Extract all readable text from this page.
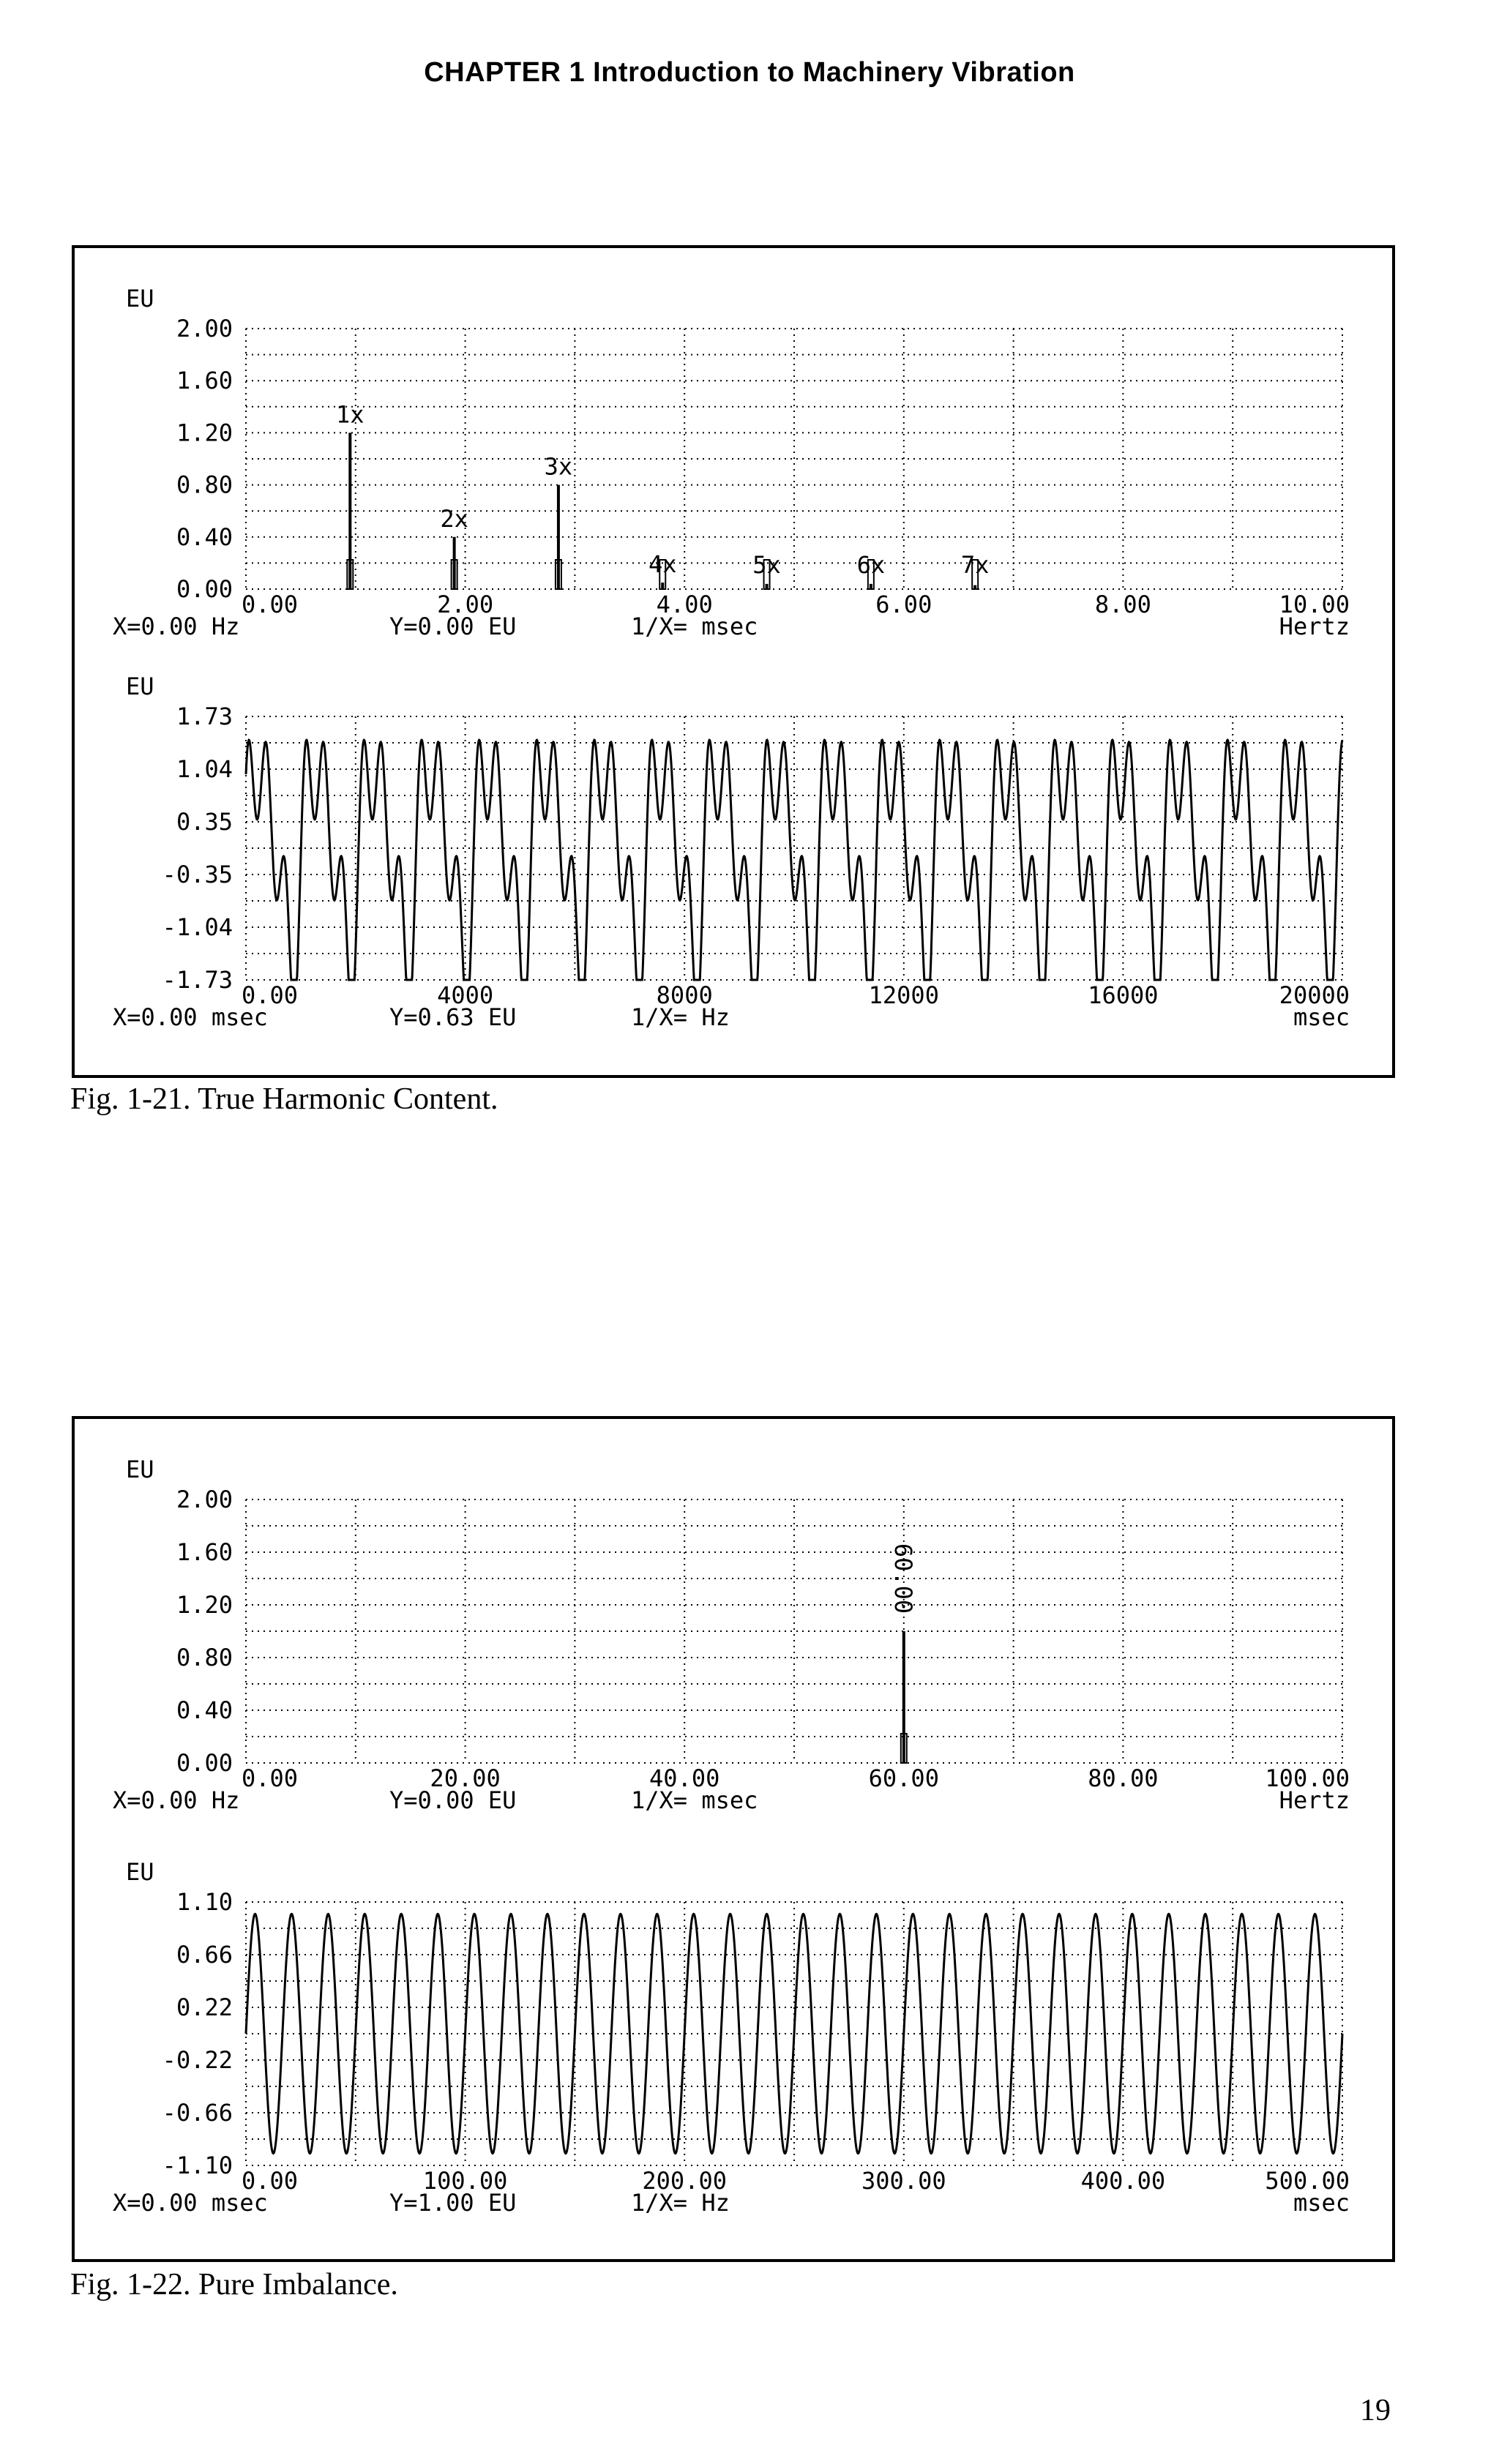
CHAPTER 1 Introduction to Machinery Vibration
2.00
1.60
1.20
0.80
0.40
0.00
0.00	2.00	4.00	6.00	8.00	10.00
EU
X=0.00 Hz	Y=0.00 EU	1/X= msec	Hertz
1x
2x
3x
4x	5x	6x	7x
1.73
1.04
0.35
-0.35
-1.04
-1.73
0.00	4000	8000	12000	16000	20000
EU
X=0.00 msec	Y=0.63 EU	1/X= Hz	msec
Fig. 1-21. True Harmonic Content.
2.00
1.60
1.20
0.80
0.40
0.00
0.00	20.00	40.00	60.00	80.00	100.00
EU
X=0.00 Hz	Y=0.00 EU	1/X= msec	Hertz
60.00
1.10
0.66
0.22
-0.22
-0.66
-1.10
0.00	100.00	200.00	300.00	400.00	500.00
EU
X=0.00 msec	Y=1.00 EU	1/X= Hz	msec
Fig. 1-22. Pure Imbalance.
19
